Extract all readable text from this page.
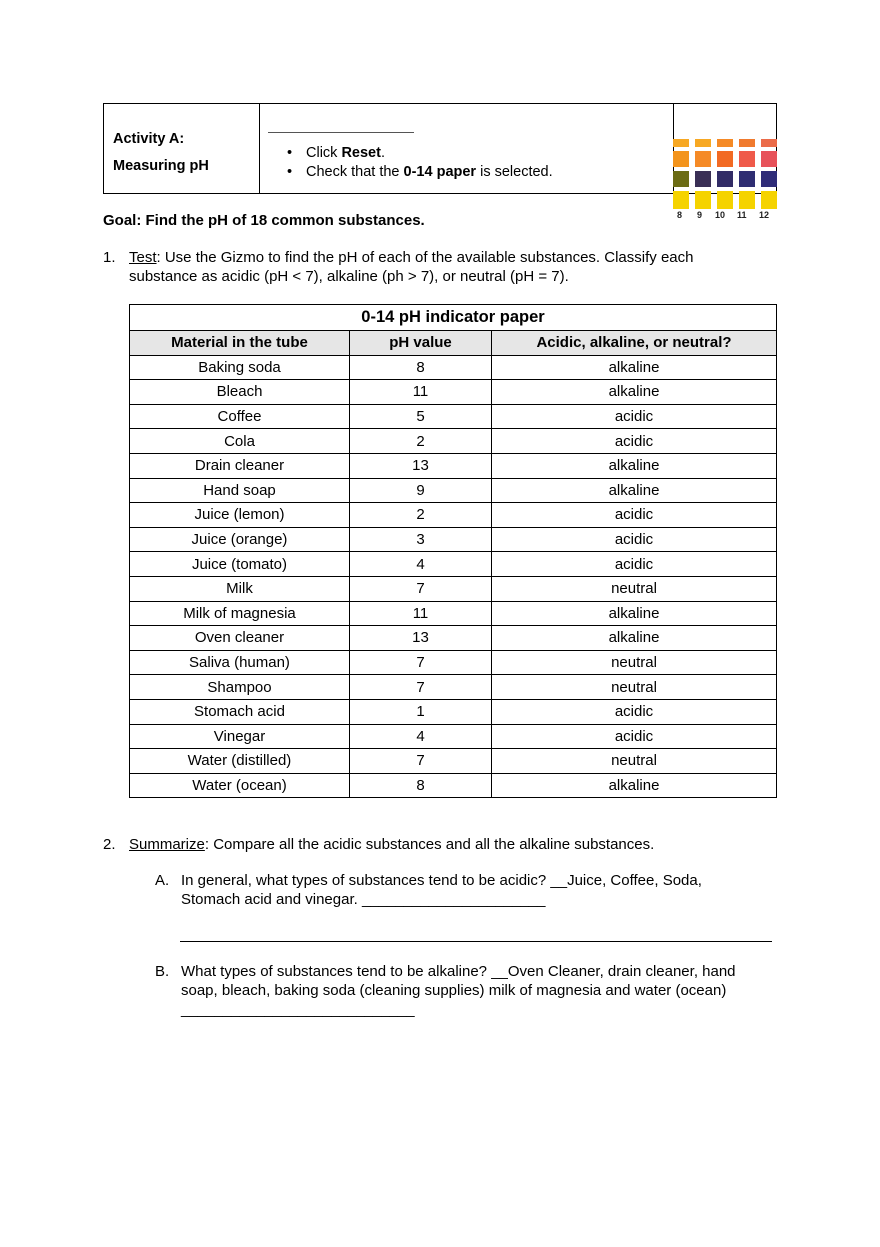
Activity A:
Measuring pH
• Click Reset.
• Check that the 0-14 paper is selected.
8 9 10 11 12
Goal: Find the pH of 18 common substances.
1. Test: Use the Gizmo to find the pH of each of the available substances. Classify each substance as acidic (pH < 7), alkaline (ph > 7), or neutral (pH = 7).
0-14 pH indicator paper		
Material in the tube	pH value	Acidic, alkaline, or neutral?
Baking soda	8	alkaline
Bleach	11	alkaline
Coffee	5	acidic
Cola	2	acidic
Drain cleaner	13	alkaline
Hand soap	9	alkaline
Juice (lemon)	2	acidic
Juice (orange)	3	acidic
Juice (tomato)	4	acidic
Milk	7	neutral
Milk of magnesia	11	alkaline
Oven cleaner	13	alkaline
Saliva (human)	7	neutral
Shampoo	7	neutral
Stomach acid	1	acidic
Vinegar	4	acidic
Water (distilled)	7	neutral
Water (ocean)	8	alkaline
2. Summarize: Compare all the acidic substances and all the alkaline substances.
A. In general, what types of substances tend to be acidic? __Juice, Coffee, Soda, Stomach acid and vinegar. ______________________
B. What types of substances tend to be alkaline? __Oven Cleaner, drain cleaner, hand soap, bleach, baking soda (cleaning supplies) milk of magnesia and water (ocean) ____________________________
